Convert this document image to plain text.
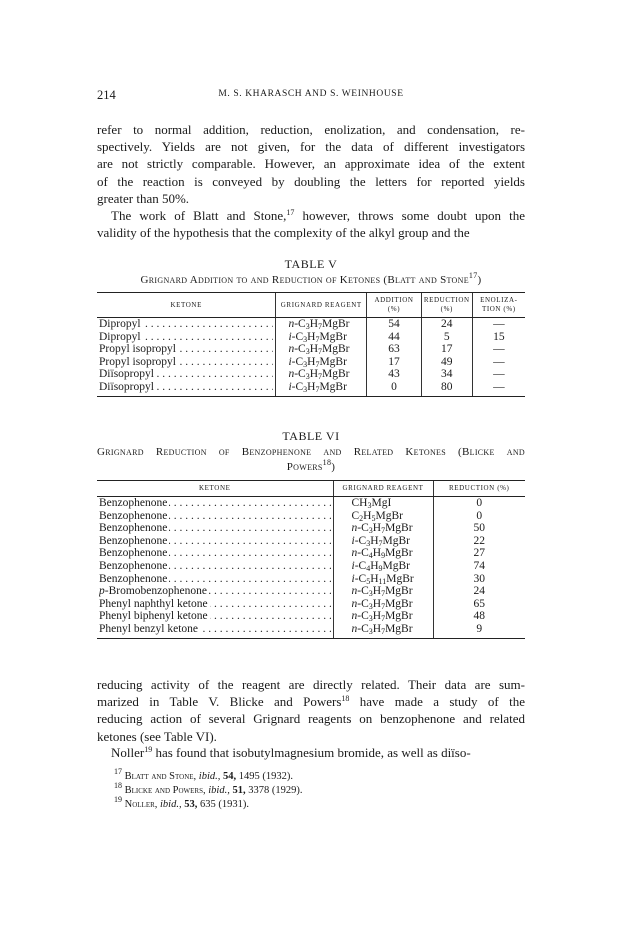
214	M. S. KHARASCH AND S. WEINHOUSE
refer to normal addition, reduction, enolization, and condensation, re-
spectively. Yields are not given, for the data of different investigators
are not strictly comparable. However, an approximate idea of the extent
of the reaction is conveyed by doubling the letters for reported yields
greater than 50%.
The work of Blatt and Stone,$^{17}$ however, throws some doubt upon the
validity of the hypothesis that the complexity of the alkyl group and the
TABLE V
Grignard Addition to and Reduction of Ketones (Blatt and Stone$^{17}$)
KETONE	GRIGNARD REAGENT	ADDITION (%)	REDUCTION (%)	ENOLIZA-TION (%)

Dipropyl . . .	$n-C_3H_7MgBr$	54	24	—

Dipropyl . . .	$i-C_3H_7MgBr$	44	5	15

Propyl isopropyl . . .	$n-C_3H_7MgBr$	63	17	—

Propyl isopropyl . . .	$i-C_3H_7MgBr$	17	49	—

Diïsopropyl . . .	$n-C_3H_7MgBr$	43	34	—

Diïsopropyl . . .	$i-C_3H_7MgBr$	0	80	—
TABLE VI
Grignard Reduction of Benzophenone and Related Ketones (Blicke and
Powers$^{18}$)
KETONE	GRIGNARD REAGENT	REDUCTION (%)

Benzophenone . . .	$CH_3MgI$	0

Benzophenone . . .	$C_2H_5MgBr$	0

Benzophenone . . .	$n-C_3H_7MgBr$	50

Benzophenone . . .	$i-C_3H_7MgBr$	22

Benzophenone . . .	$n-C_4H_9MgBr$	27

Benzophenone . . .	$i-C_4H_9MgBr$	74

Benzophenone . . .	$i-C_5H_{11}MgBr$	30

p-Bromobenzophenone . . .	$n-C_3H_7MgBr$	24

Phenyl naphthyl ketone . . .	$n-C_3H_7MgBr$	65

Phenyl biphenyl ketone . . .	$n-C_3H_7MgBr$	48

Phenyl benzyl ketone . . .	$n-C_3H_7MgBr$	9
reducing activity of the reagent are directly related. Their data are sum-
marized in Table V. Blicke and Powers$^{18}$ have made a study of the
reducing action of several Grignard reagents on benzophenone and related
ketones (see Table VI).
Noller$^{19}$ has found that isobutylmagnesium bromide, as well as diïso-
$^{17}$ Blatt and Stone, ibid., 54, 1495 (1932).
$^{18}$ Blicke and Powers, ibid., 51, 3378 (1929).
$^{19}$ Noller, ibid., 53, 635 (1931).
